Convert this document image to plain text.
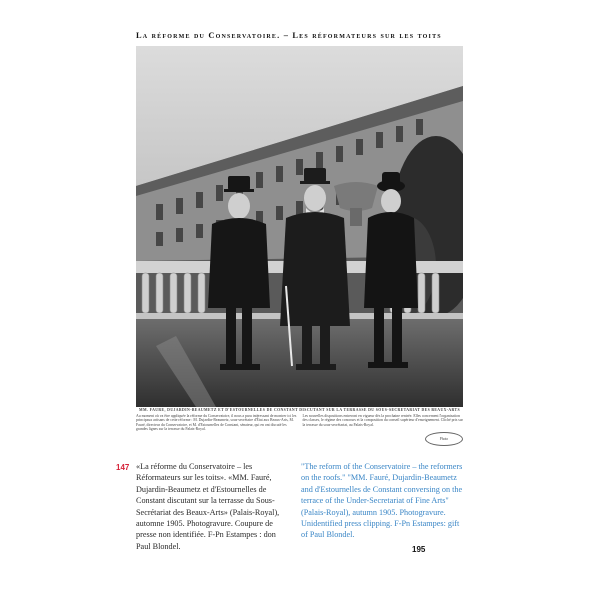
La réforme du Conservatoire. – Les réformateurs sur les toits
MM. FAURÉ, DUJARDIN-BEAUMETZ ET D'ESTOURNELLES DE CONSTANT DISCUTANT SUR LA TERRASSE DU SOUS-SECRÉTARIAT DES BEAUX-ARTS
Au moment où va être appliquée la réforme du Conservatoire, il nous a paru intéressant de montrer ici les principaux artisans de cette réforme : M. Dujardin-Beaumetz, sous-secrétaire d'État aux Beaux-Arts, M. Fauré, directeur du Conservatoire, et M. d'Estournelles de Constant, sénateur, qui en ont discuté les grandes lignes sur la terrasse du Palais-Royal.
Les nouvelles dispositions entreront en vigueur dès la prochaine rentrée. Elles concernent l'organisation des classes, le régime des concours et la composition du conseil supérieur d'enseignement. Cliché pris sur la terrasse du sous-secrétariat, au Palais-Royal.
Photo
147 «La réforme du Conservatoire – les Réformateurs sur les toits». «MM. Fauré, Dujardin-Beaumetz et d'Estournelles de Constant discutant sur la terrasse du Sous-Secrétariat des Beaux-Arts» (Palais-Royal), automne 1905. Photogravure. Coupure de presse non identifiée. F-Pn Estampes : don Paul Blondel.
"The reform of the Conservatoire – the reformers on the roofs." "MM. Fauré, Dujardin-Beaumetz and d'Estournelles de Constant conversing on the terrace of the Under-Secretariat of Fine Arts" (Palais-Royal), autumn 1905. Photogravure. Unidentified press clipping. F-Pn Estampes: gift of Paul Blondel.
195
